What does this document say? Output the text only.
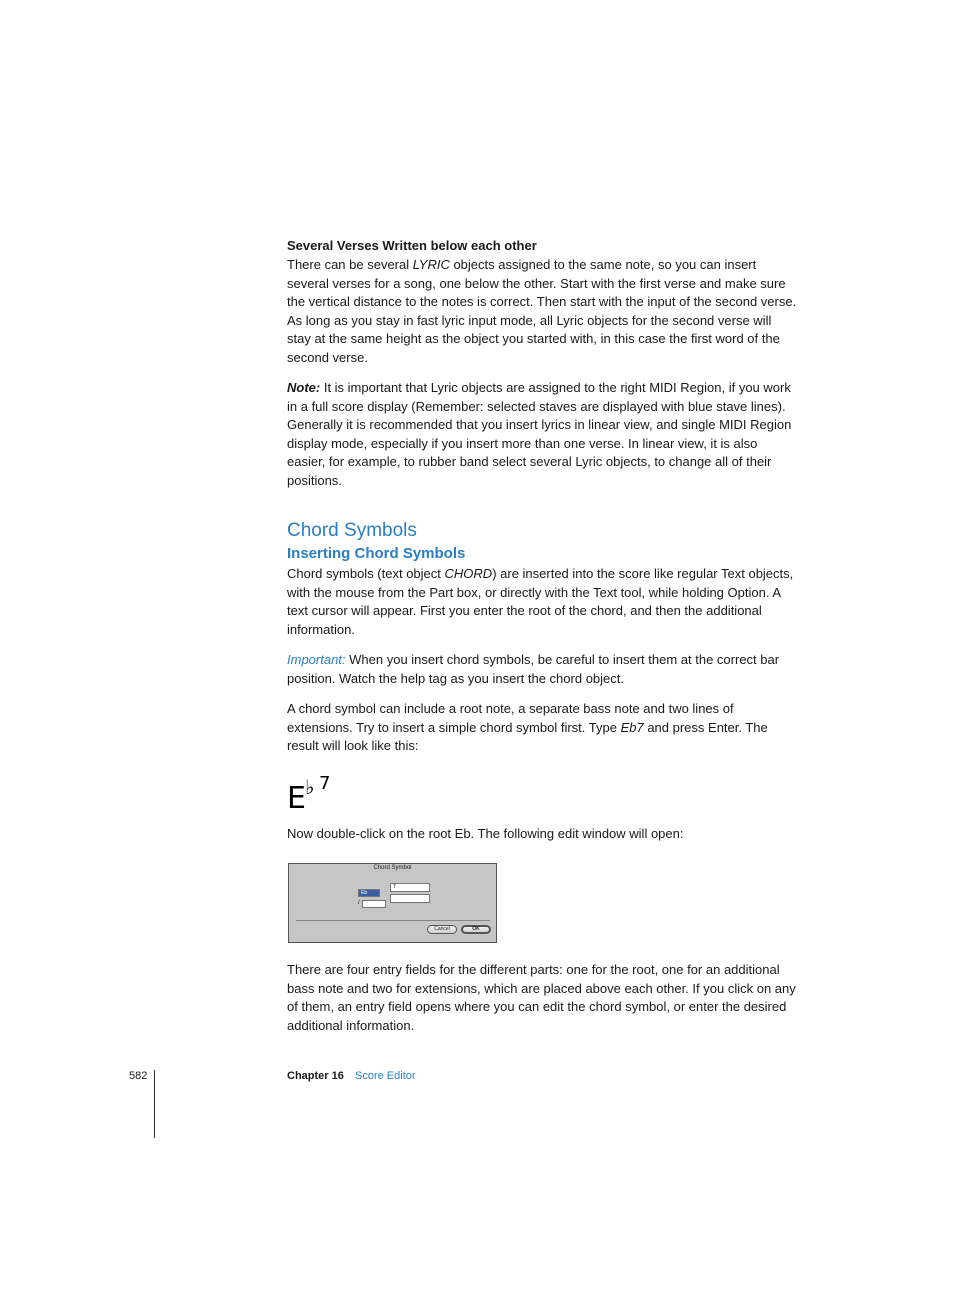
Several Verses Written below each other

There can be several LYRIC objects assigned to the same note, so you can insert several verses for a song, one below the other. Start with the first verse and make sure the vertical distance to the notes is correct. Then start with the input of the second verse. As long as you stay in fast lyric input mode, all Lyric objects for the second verse will stay at the same height as the object you started with, in this case the first word of the second verse.

Note: It is important that Lyric objects are assigned to the right MIDI Region, if you work in a full score display (Remember: selected staves are displayed with blue stave lines). Generally it is recommended that you insert lyrics in linear view, and single MIDI Region display mode, especially if you insert more than one verse. In linear view, it is also easier, for example, to rubber band select several Lyric objects, to change all of their positions.

Chord Symbols
Inserting Chord Symbols

Chord symbols (text object CHORD) are inserted into the score like regular Text objects, with the mouse from the Part box, or directly with the Text tool, while holding Option. A text cursor will appear. First you enter the root of the chord, and then the additional information.

Important: When you insert chord symbols, be careful to insert them at the correct bar position. Watch the help tag as you insert the chord object.

A chord symbol can include a root note, a separate bass note and two lines of extensions. Try to insert a simple chord symbol first. Type Eb7 and press Enter. The result will look like this:

E ♭ 7

Now double-click on the root Eb. The following edit window will open:

Chord Symbol
7
Eb
/
Cancel	OK

There are four entry fields for the different parts: one for the root, one for an additional bass note and two for extensions, which are placed above each other. If you click on any of them, an entry field opens where you can edit the chord symbol, or enter the desired additional information.

582	Chapter 16 Score Editor
